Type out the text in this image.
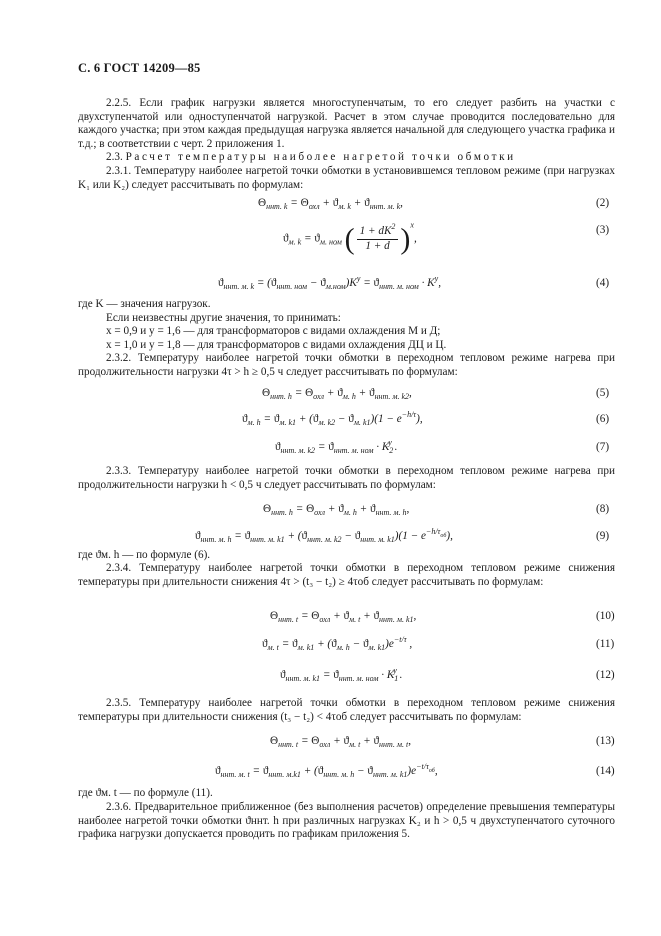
С. 6 ГОСТ 14209—85
2.2.5. Если график нагрузки является многоступенчатым, то его следует разбить на участки с двухступенчатой или одноступенчатой нагрузкой. Расчет в этом случае проводится последовательно для каждого участка; при этом каждая предыдущая нагрузка является начальной для следующего участка графика и т.д.; в соответствии с черт. 2 приложения 1.
2.3. Расчет температуры наиболее нагретой точки обмотки
2.3.1. Температуру наиболее нагретой точки обмотки в установившемся тепловом режиме (при нагрузках K₁ или K₂) следует рассчитывать по формулам:
$\Theta_{ннт. k} = \Theta_{охл} + ϑ_{м. k} + ϑ_{ннт. м. k}$,	(2)
$ϑ_{м. k} = ϑ_{м. ном}$ ( $\frac{1 + dK^2}{1 + d} )^x$,
(3)
$ϑ_{ннт. м. k} = (ϑ_{ннт. ном} - ϑ_{м.ном})K^y = ϑ_{ннт. м. ном} \cdot K^y$,	(4)
где K — значения нагрузок.
Если неизвестны другие значения, то принимать:
x = 0,9 и y = 1,6 — для трансформаторов с видами охлаждения М и Д;
x = 1,0 и y = 1,8 — для трансформаторов с видами охлаждения ДЦ и Ц.
2.3.2. Температуру наиболее нагретой точки обмотки в переходном тепловом режиме нагрева при продолжительности нагрузки 4τ > h ≥ 0,5 ч следует рассчитывать по формулам:
$\Theta_{ннт. h} = \Theta_{охл} + ϑ_{м. h} + ϑ_{ннт. м. k2}$,	(5)
$ϑ_{м. h} = ϑ_{м. k1} + (ϑ_{м. k2} - ϑ_{м. k1})(1 - e^{-h/\tau})$,	(6)
$ϑ_{ннт. м. k2} = ϑ_{ннт. м. ном} \cdot K_2^y$ .	(7)
2.3.3. Температуру наиболее нагретой точки обмотки в переходном тепловом режиме нагрева при продолжительности нагрузки h < 0,5 ч следует рассчитывать по формулам:
$\Theta_{ннт. h} = \Theta_{охл} + ϑ_{м. h} + ϑ_{ннт. м. h}$,	(8)
$ϑ_{ннт. м. h} = ϑ_{ннт. м. k1} + (ϑ_{ннт. м. k2} - ϑ_{ннт. м. k1})(1 - e^{-h/\tau_{об}})$,	(9)
где ϑм. h — по формуле (6).
2.3.4. Температуру наиболее нагретой точки обмотки в переходном тепловом режиме снижения температуры при длительности снижения 4τ > (t₃ − t₂) ≥ 4τоб следует рассчитывать по формулам:
$\Theta_{ннт. t} = \Theta_{охл} + ϑ_{м. t} + ϑ_{ннт. м. k1}$,	(10)
$ϑ_{м. t} = ϑ_{м. k1} + (ϑ_{м. h} - ϑ_{м. k1})e^{-t/\tau}$ ,	(11)
$ϑ_{ннт. м. k1} = ϑ_{ннт. м. ном} \cdot K_1^y$ .	(12)
2.3.5. Температуру наиболее нагретой точки обмотки в переходном тепловом режиме снижения температуры при длительности снижения (t₃ − t₂) < 4τоб следует рассчитывать по формулам:
$\Theta_{ннт. t} = \Theta_{охл} + ϑ_{м. t} + ϑ_{ннт. м. t}$,	(13)
$ϑ_{ннт. м. t} = ϑ_{ннт. м.k1} + (ϑ_{ннт. м. h} - ϑ_{ннт. м. k1})e^{-t/\tau_{об}}$,	(14)
где ϑм. t — по формуле (11).
2.3.6. Предварительное приближенное (без выполнения расчетов) определение превышения температуры наиболее нагретой точки обмотки ϑннт. h при различных нагрузках K₂ и h > 0,5 ч двухступенчатого суточного графика нагрузки допускается проводить по графикам приложения 5.
